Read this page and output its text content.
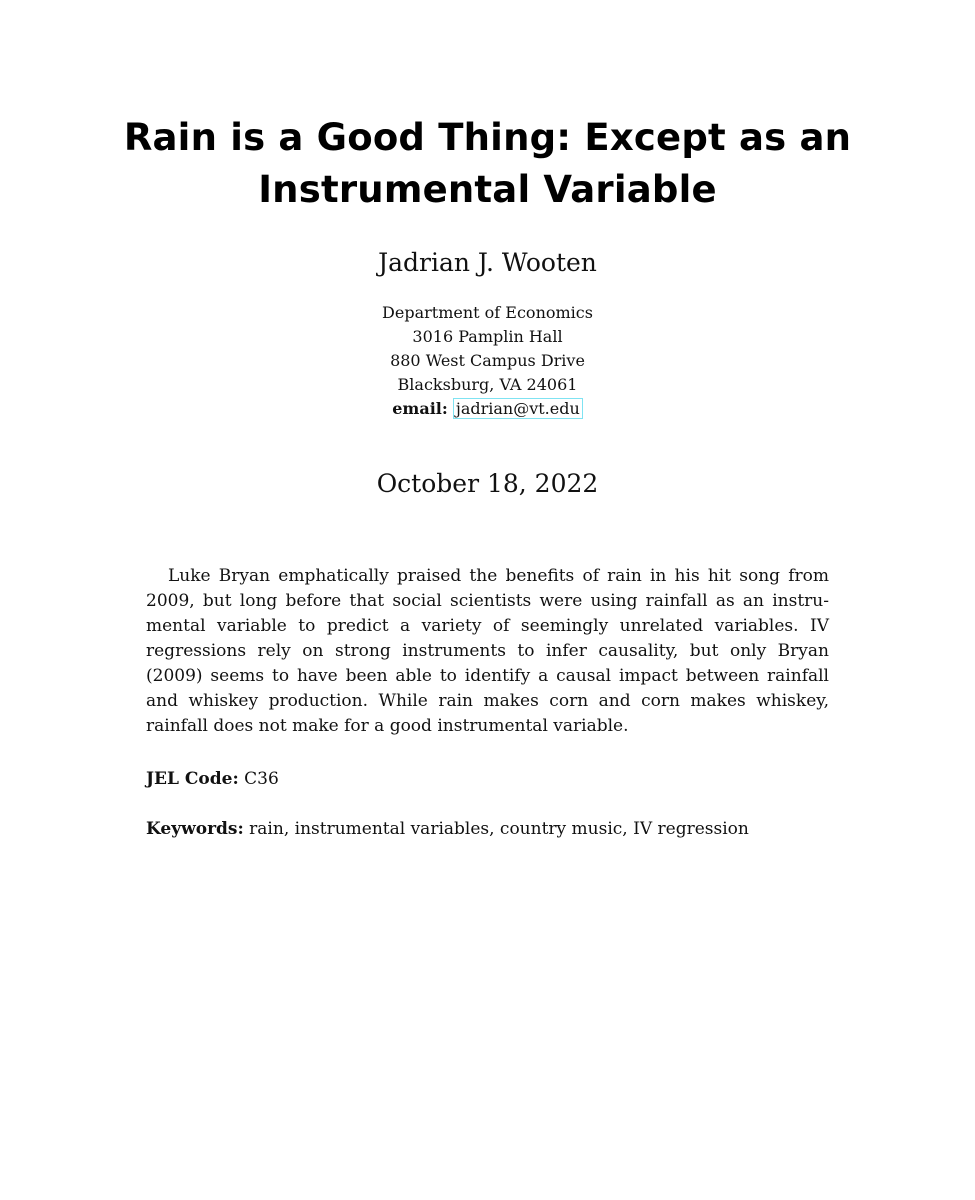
Rain is a Good Thing: Except as an
Instrumental Variable
Jadrian J. Wooten
Department of Economics
3016 Pamplin Hall
880 West Campus Drive
Blacksburg, VA 24061
email: jadrian@vt.edu
October 18, 2022
Luke Bryan emphatically praised the benefits of rain in his hit song from
2009, but long before that social scientists were using rainfall as an instru-
mental variable to predict a variety of seemingly unrelated variables. IV
regressions rely on strong instruments to infer causality, but only Bryan
(2009) seems to have been able to identify a causal impact between rainfall
and whiskey production. While rain makes corn and corn makes whiskey,
rainfall does not make for a good instrumental variable.
JEL Code: C36
Keywords: rain, instrumental variables, country music, IV regression
